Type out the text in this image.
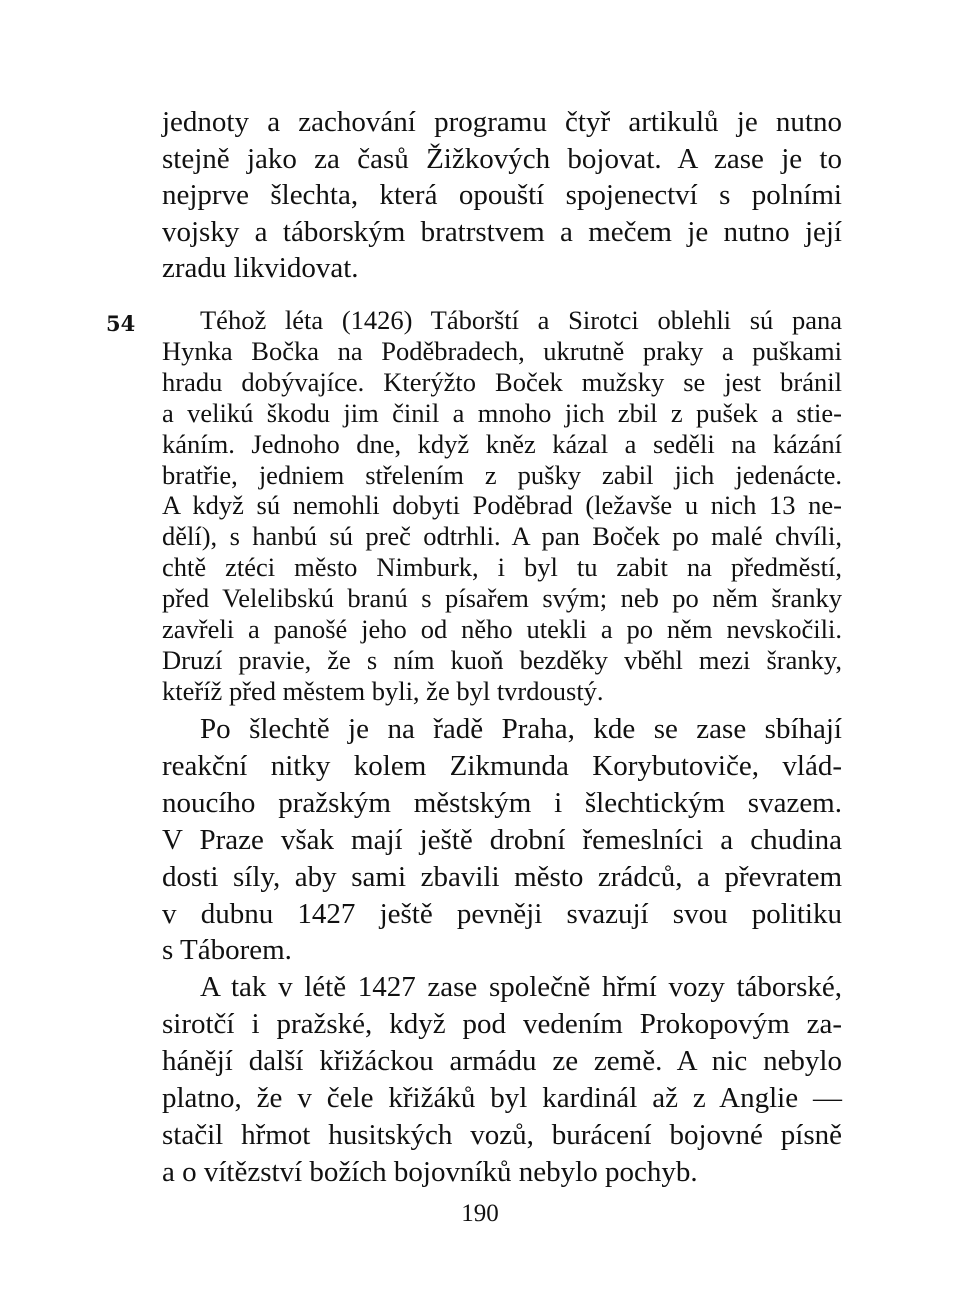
jednoty a zachování programu čtyř artikulů je nutno
stejně jako za časů Žižkových bojovat. A zase je to
nejprve šlechta, která opouští spojenectví s polními
vojsky a táborským bratrstvem a mečem je nutno její
zradu likvidovat.
54	Téhož léta (1426) Táborští a Sirotci oblehli sú pana
Hynka Bočka na Poděbradech, ukrutně praky a puškami
hradu dobývajíce. Kterýžto Boček mužsky se jest bránil
a velikú škodu jim činil a mnoho jich zbil z pušek a stie-
káním. Jednoho dne, když kněz kázal a seděli na kázání
bratřie, jedniem střelením z pušky zabil jich jedenácte.
A když sú nemohli dobyti Poděbrad (ležavše u nich 13 ne-
dělí), s hanbú sú preč odtrhli. A pan Boček po malé chvíli,
chtě ztéci město Nimburk, i byl tu zabit na předměstí,
před Velelibskú branú s písařem svým; neb po něm šranky
zavřeli a panošé jeho od něho utekli a po něm nevskočili.
Druzí pravie, že s ním kuoň bezděky vběhl mezi šranky,
kteříž před městem byli, že byl tvrdoustý.
Po šlechtě je na řadě Praha, kde se zase sbíhají
reakční nitky kolem Zikmunda Korybutoviče, vlád-
noucího pražským městským i šlechtickým svazem.
V Praze však mají ještě drobní řemeslníci a chudina
dosti síly, aby sami zbavili město zrádců, a převratem
v dubnu 1427 ještě pevněji svazují svou politiku
s Táborem.
A tak v létě 1427 zase společně hřmí vozy táborské,
sirotčí i pražské, když pod vedením Prokopovým za-
hánějí další křižáckou armádu ze země. A nic nebylo
platno, že v čele křižáků byl kardinál až z Anglie —
stačil hřmot husitských vozů, burácení bojovné písně
a o vítězství božích bojovníků nebylo pochyb.
190
